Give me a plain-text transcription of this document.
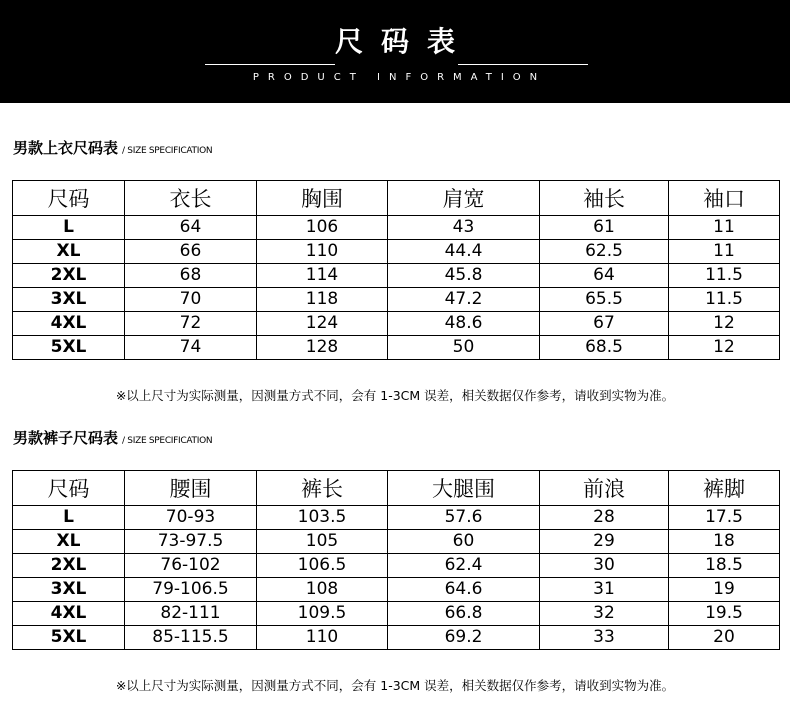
尺码表
PRODUCT INFORMATION
男款上衣尺码表 / SIZE SPECIFICATION
尺码	衣长	胸围	肩宽	袖长	袖口
L	64	106	43	61	11
XL	66	110	44.4	62.5	11
2XL	68	114	45.8	64	11.5
3XL	70	118	47.2	65.5	11.5
4XL	72	124	48.6	67	12
5XL	74	128	50	68.5	12
※以上尺寸为实际测量，因测量方式不同，会有 1-3CM 误差，相关数据仅作参考，请收到实物为准。
男款裤子尺码表 / SIZE SPECIFICATION
尺码	腰围	裤长	大腿围	前浪	裤脚
L	70-93	103.5	57.6	28	17.5
XL	73-97.5	105	60	29	18
2XL	76-102	106.5	62.4	30	18.5
3XL	79-106.5	108	64.6	31	19
4XL	82-111	109.5	66.8	32	19.5
5XL	85-115.5	110	69.2	33	20
※以上尺寸为实际测量，因测量方式不同，会有 1-3CM 误差，相关数据仅作参考，请收到实物为准。
